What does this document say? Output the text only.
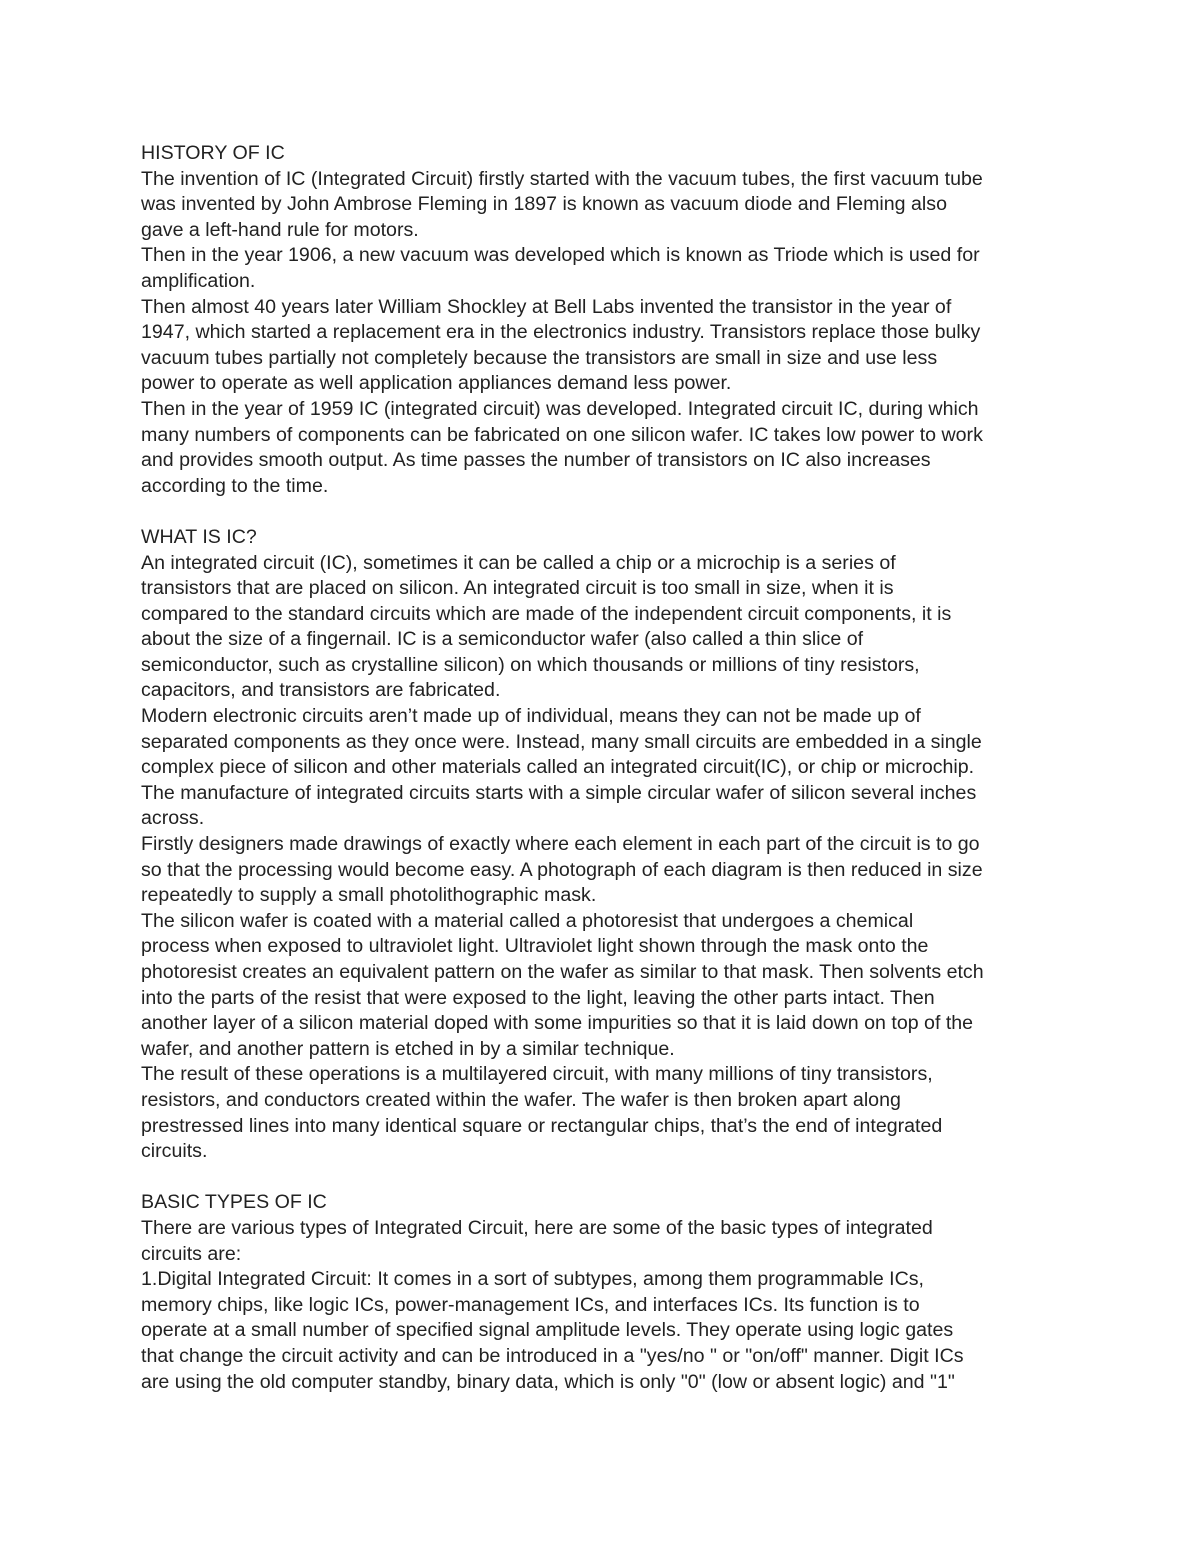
HISTORY OF IC

The invention of IC (Integrated Circuit) firstly started with the vacuum tubes, the first vacuum tube
was invented by John Ambrose Fleming in 1897 is known as vacuum diode and Fleming also
gave a left-hand rule for motors.

Then in the year 1906, a new vacuum was developed which is known as Triode which is used for
amplification.

Then almost 40 years later William Shockley at Bell Labs invented the transistor in the year of
1947, which started a replacement era in the electronics industry. Transistors replace those bulky
vacuum tubes partially not completely because the transistors are small in size and use less
power to operate as well application appliances demand less power.

Then in the year of 1959 IC (integrated circuit) was developed. Integrated circuit IC, during which
many numbers of components can be fabricated on one silicon wafer. IC takes low power to work
and provides smooth output. As time passes the number of transistors on IC also increases
according to the time.

WHAT IS IC?

An integrated circuit (IC), sometimes it can be called a chip or a microchip is a series of
transistors that are placed on silicon. An integrated circuit is too small in size, when it is
compared to the standard circuits which are made of the independent circuit components, it is
about the size of a fingernail. IC is a semiconductor wafer (also called a thin slice of
semiconductor, such as crystalline silicon) on which thousands or millions of tiny resistors,
capacitors, and transistors are fabricated.

Modern electronic circuits aren’t made up of individual, means they can not be made up of
separated components as they once were. Instead, many small circuits are embedded in a single
complex piece of silicon and other materials called an integrated circuit(IC), or chip or microchip.
The manufacture of integrated circuits starts with a simple circular wafer of silicon several inches
across.

Firstly designers made drawings of exactly where each element in each part of the circuit is to go
so that the processing would become easy. A photograph of each diagram is then reduced in size
repeatedly to supply a small photolithographic mask.

The silicon wafer is coated with a material called a photoresist that undergoes a chemical
process when exposed to ultraviolet light. Ultraviolet light shown through the mask onto the
photoresist creates an equivalent pattern on the wafer as similar to that mask. Then solvents etch
into the parts of the resist that were exposed to the light, leaving the other parts intact. Then
another layer of a silicon material doped with some impurities so that it is laid down on top of the
wafer, and another pattern is etched in by a similar technique.

The result of these operations is a multilayered circuit, with many millions of tiny transistors,
resistors, and conductors created within the wafer. The wafer is then broken apart along
prestressed lines into many identical square or rectangular chips, that’s the end of integrated
circuits.

BASIC TYPES OF IC

There are various types of Integrated Circuit, here are some of the basic types of integrated
circuits are:

1.Digital Integrated Circuit: It comes in a sort of subtypes, among them programmable ICs,
memory chips, like logic ICs, power-management ICs, and interfaces ICs. Its function is to
operate at a small number of specified signal amplitude levels. They operate using logic gates
that change the circuit activity and can be introduced in a "yes/no " or "on/off" manner. Digit ICs
are using the old computer standby, binary data, which is only "0" (low or absent logic) and "1"
